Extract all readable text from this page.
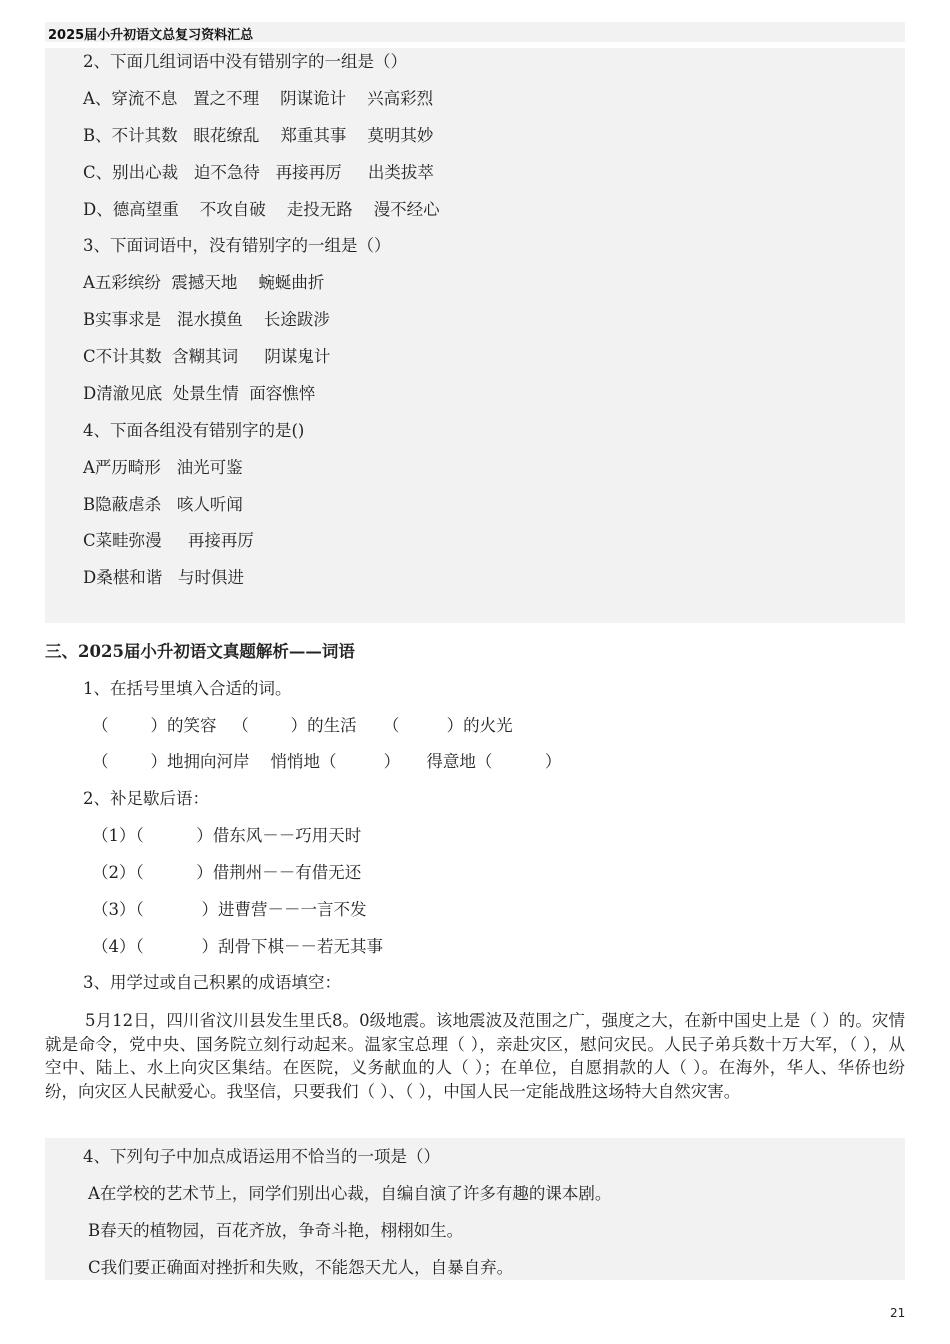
2025届小升初语文总复习资料汇总
2、下面几组词语中没有错别字的一组是（）
A、穿流不息   置之不理    阴谋诡计    兴高彩烈
B、不计其数   眼花缭乱    郑重其事    莫明其妙
C、别出心裁   迫不急待   再接再厉     出类拔萃
D、德高望重    不攻自破    走投无路    漫不经心
3、下面词语中，没有错别字的一组是（）
A五彩缤纷  震撼天地    蜿蜒曲折
B实事求是   混水摸鱼    长途跋涉
C不计其数  含糊其词     阴谋鬼计
D清澈见底  处景生情  面容憔悴
4、下面各组没有错别字的是()
A严历畸形   油光可鉴
B隐蔽虐杀   咳人听闻
C菜畦弥漫     再接再厉
D桑椹和谐   与时俱进
三、2025届小升初语文真题解析——词语
1、在括号里填入合适的词。
（        ）的笑容   （        ）的生活     （         ）的火光
（        ）地拥向河岸    悄悄地（         ）     得意地（          ）
2、补足歇后语：
（1）（          ）借东风－－巧用天时
（2）（          ）借荆州－－有借无还
（3）（           ）进曹营－－一言不发
（4）（           ）刮骨下棋－－若无其事
3、用学过或自己积累的成语填空：
5月12日，四川省汶川县发生里氏8。0级地震。该地震波及范围之广，强度之大，在新中国史上是（ ）的。灾情就是命令，党中央、国务院立刻行动起来。温家宝总理（ ），亲赴灾区，慰问灾民。人民子弟兵数十万大军，（ ），从空中、陆上、水上向灾区集结。在医院，义务献血的人（ ）；在单位，自愿捐款的人（ ）。在海外，华人、华侨也纷纷，向灾区人民献爱心。我坚信，只要我们（ ）、（ ），中国人民一定能战胜这场特大自然灾害。
4、下列句子中加点成语运用不恰当的一项是（）
A在学校的艺术节上，同学们别出心裁，自编自演了许多有趣的课本剧。
B春天的植物园，百花齐放，争奇斗艳，栩栩如生。
C我们要正确面对挫折和失败，不能怨天尤人，自暴自弃。
21
